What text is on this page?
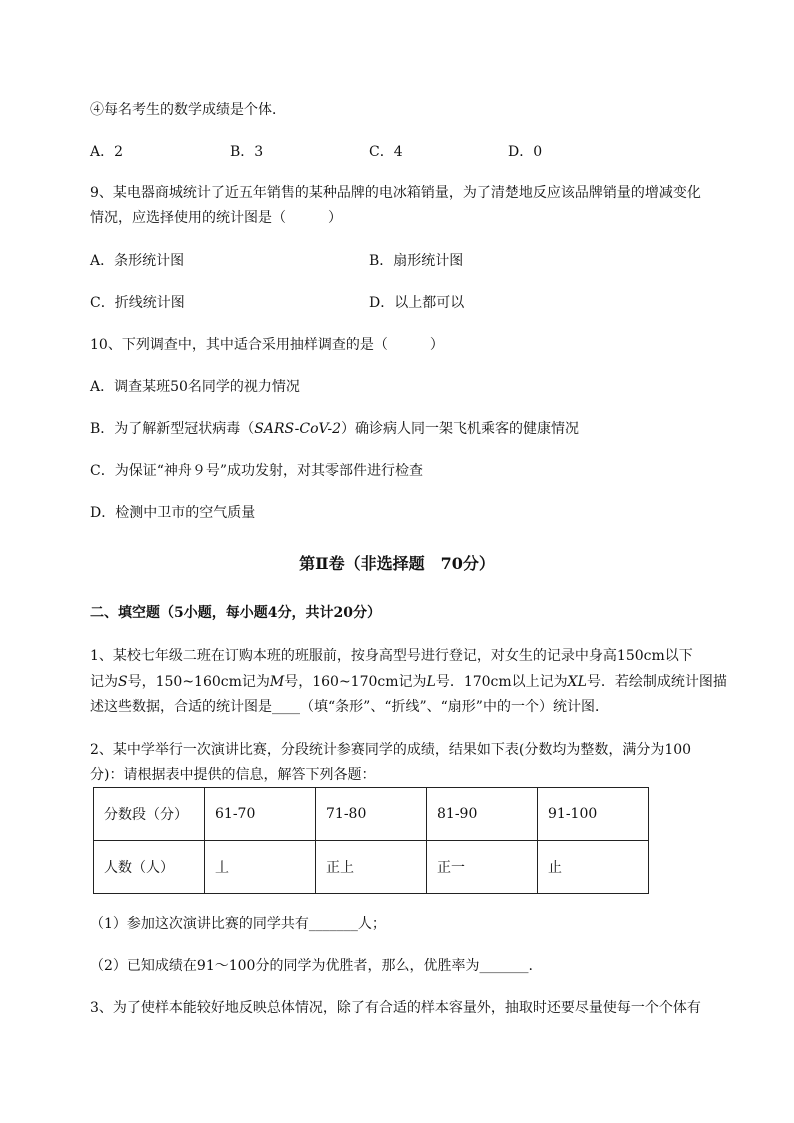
④每名考生的数学成绩是个体．
A．2	B．3	C．4	D．0
9、某电器商城统计了近五年销售的某种品牌的电冰箱销量，为了清楚地反应该品牌销量的增减变化
情况，应选择使用的统计图是（　　　）
A．条形统计图	B．扇形统计图
C．折线统计图	D．以上都可以
10、下列调查中，其中适合采用抽样调查的是（　　　）
A．调查某班50名同学的视力情况
B．为了解新型冠状病毒（SARS-CoV-2）确诊病人同一架飞机乘客的健康情况
C．为保证“神舟９号”成功发射，对其零部件进行检查
D．检测中卫市的空气质量
第Ⅱ卷（非选择题　70分）
二、填空题（5小题，每小题4分，共计20分）
1、某校七年级二班在订购本班的班服前，按身高型号进行登记，对女生的记录中身高150cm以下
记为S号，150~160cm记为M号，160~170cm记为L号．170cm以上记为XL号．若绘制成统计图描
述这些数据，合适的统计图是____（填“条形”、“折线”、“扇形”中的一个）统计图．
2、某中学举行一次演讲比赛，分段统计参赛同学的成绩，结果如下表(分数均为整数，满分为100
分)：请根据表中提供的信息，解答下列各题：
分数段（分）	61-70	71-80	81-90	91-100
人数（人）	丄	正上	正一	止
（1）参加这次演讲比赛的同学共有_______人；
（2）已知成绩在91～100分的同学为优胜者，那么，优胜率为_______.
3、为了使样本能较好地反映总体情况，除了有合适的样本容量外，抽取时还要尽量使每一个个体有
